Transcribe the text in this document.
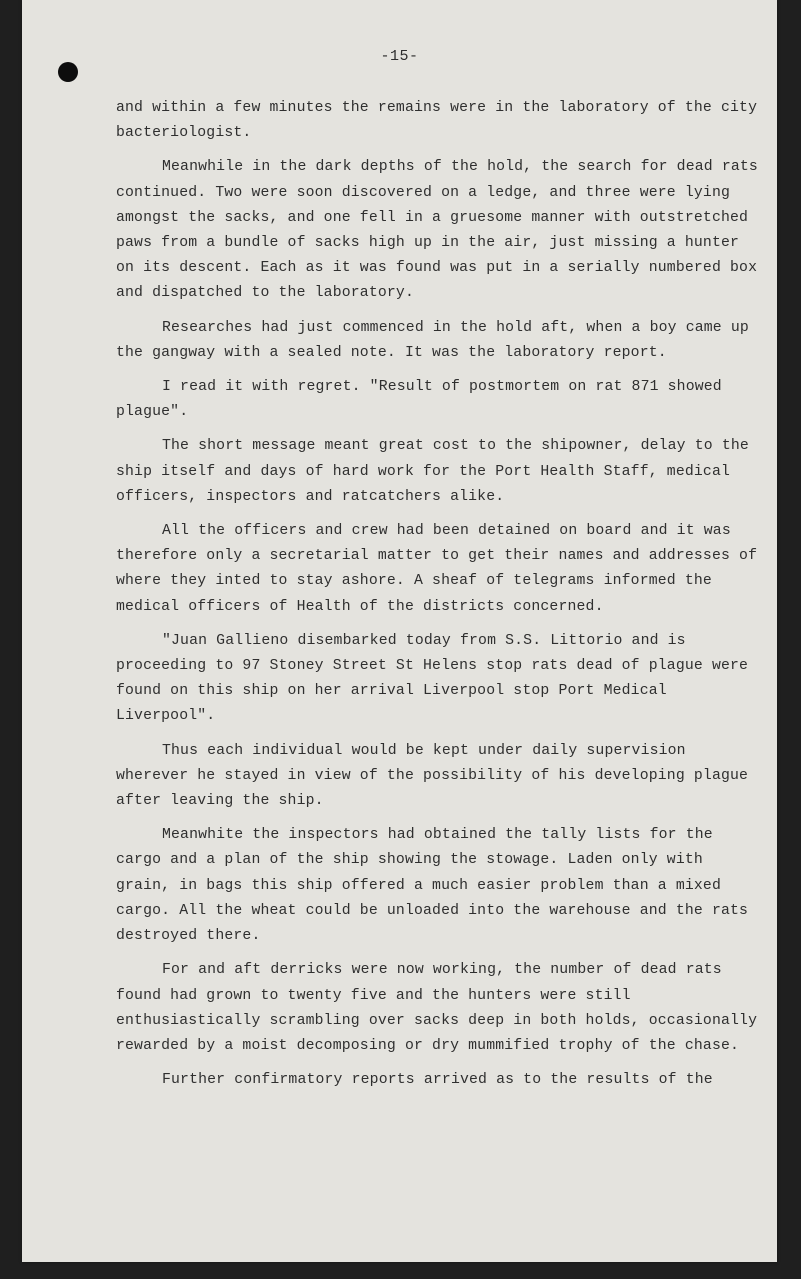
-15-

and within a few minutes the remains were in the laboratory of the city bacteriologist.

Meanwhile in the dark depths of the hold, the search for dead rats continued. Two were soon discovered on a ledge, and three were lying amongst the sacks, and one fell in a gruesome manner with outstretched paws from a bundle of sacks high up in the air, just missing a hunter on its descent. Each as it was found was put in a serially numbered box and dispatched to the laboratory.

Researches had just commenced in the hold aft, when a boy came up the gangway with a sealed note. It was the laboratory report.

I read it with regret. "Result of postmortem on rat 871 showed plague".

The short message meant great cost to the shipowner, delay to the ship itself and days of hard work for the Port Health Staff, medical officers, inspectors and ratcatchers alike.

All the officers and crew had been detained on board and it was therefore only a secretarial matter to get their names and addresses of where they inted to stay ashore. A sheaf of telegrams informed the medical officers of Health of the districts concerned.

"Juan Gallieno disembarked today from S.S. Littorio and is proceeding to 97 Stoney Street St Helens stop rats dead of plague were found on this ship on her arrival Liverpool stop Port Medical Liverpool".

Thus each individual would be kept under daily supervision wherever he stayed in view of the possibility of his developing plague after leaving the ship.

Meanwhite the inspectors had obtained the tally lists for the cargo and a plan of the ship showing the stowage. Laden only with grain, in bags this ship offered a much easier problem than a mixed cargo. All the wheat could be unloaded into the warehouse and the rats destroyed there.

For and aft derricks were now working, the number of dead rats found had grown to twenty five and the hunters were still enthusiastically scrambling over sacks deep in both holds, occasionally rewarded by a moist decomposing or dry mummified trophy of the chase.

Further confirmatory reports arrived as to the results of the
